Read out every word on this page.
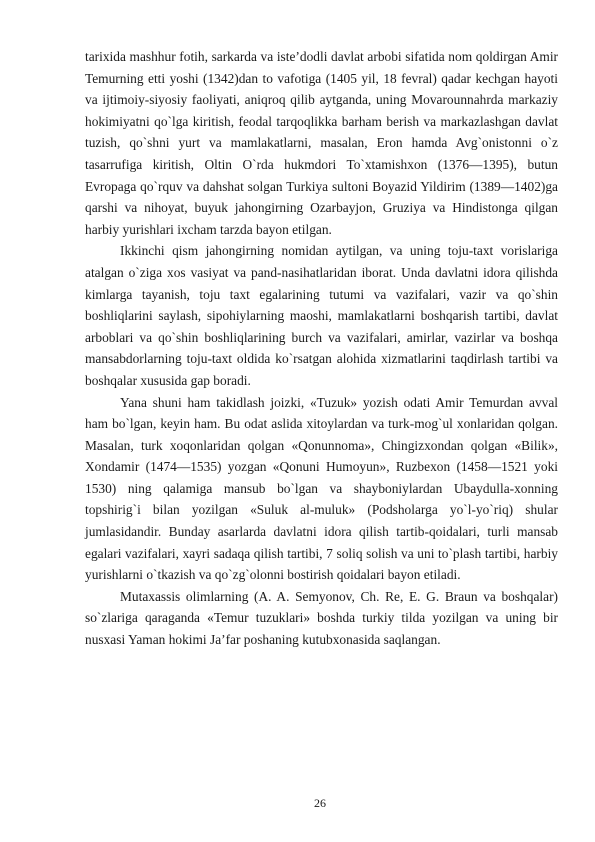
tarixida mashhur fotih, sarkarda va iste’dodli davlat arbobi sifatida nom qoldirgan Amir Temurning etti yoshi (1342)dan to vafotiga (1405 yil, 18 fevral) qadar kechgan hayoti va ijtimoiy-siyosiy faoliyati, aniqroq qilib aytganda, uning Movarounnahrda markaziy hokimiyatni qo`lga kiritish, feodal tarqoqlikka barham berish va markazlashgan davlat tuzish, qo`shni yurt va mamlakatlarni, masalan, Eron hamda Avg`onistonni o`z tasarrufiga kiritish, Oltin O`rda hukmdori To`xtamishxon (1376—1395), butun Evropaga qo`rquv va dahshat solgan Turkiya sultoni Boyazid Yildirim (1389—1402)ga qarshi va nihoyat, buyuk jahongirning Ozarbayjon, Gruziya va Hindistonga qilgan harbiy yurishlari ixcham tarzda bayon etilgan.

Ikkinchi qism jahongirning nomidan aytilgan, va uning toju-taxt vorislariga atalgan o`ziga xos vasiyat va pand-nasihatlaridan iborat. Unda davlatni idora qilishda kimlarga tayanish, toju taxt egalarining tutumi va vazifalari, vazir va qo`shin boshliqlarini saylash, sipohiylarning maoshi, mamlakatlarni boshqarish tartibi, davlat arboblari va qo`shin boshliqlarining burch va vazifalari, amirlar, vazirlar va boshqa mansabdorlarning toju-taxt oldida ko`rsatgan alohida xizmatlarini taqdirlash tartibi va boshqalar xususida gap boradi.

Yana shuni ham takidlash joizki, «Tuzuk» yozish odati Amir Temurdan avval ham bo`lgan, keyin ham. Bu odat aslida xitoylardan va turk-mog`ul xonlaridan qolgan. Masalan, turk xoqonlaridan qolgan «Qonunnoma», Chingizxondan qolgan «Bilik», Xondamir (1474—1535) yozgan «Qonuni Humoyun», Ruzbexon (1458—1521 yoki 1530) ning qalamiga mansub bo`lgan va shayboniylardan Ubaydulla-xonning topshirig`i bilan yozilgan «Suluk al-muluk» (Podsholarga yo`l-yo`riq) shular jumlasidandir. Bunday asarlarda davlatni idora qilish tartib-qoidalari, turli mansab egalari vazifalari, xayri sadaqa qilish tartibi, 7 soliq solish va uni to`plash tartibi, harbiy yurishlarni o`tkazish va qo`zg`olonni bostirish qoidalari bayon etiladi.

Mutaxassis olimlarning (A. A. Semyonov, Ch. Re, E. G. Braun va boshqalar) so`zlariga qaraganda «Temur tuzuklari» boshda turkiy tilda yozilgan va uning bir nusxasi Yaman hokimi Ja’far poshaning kutubxonasida saqlangan.

26
